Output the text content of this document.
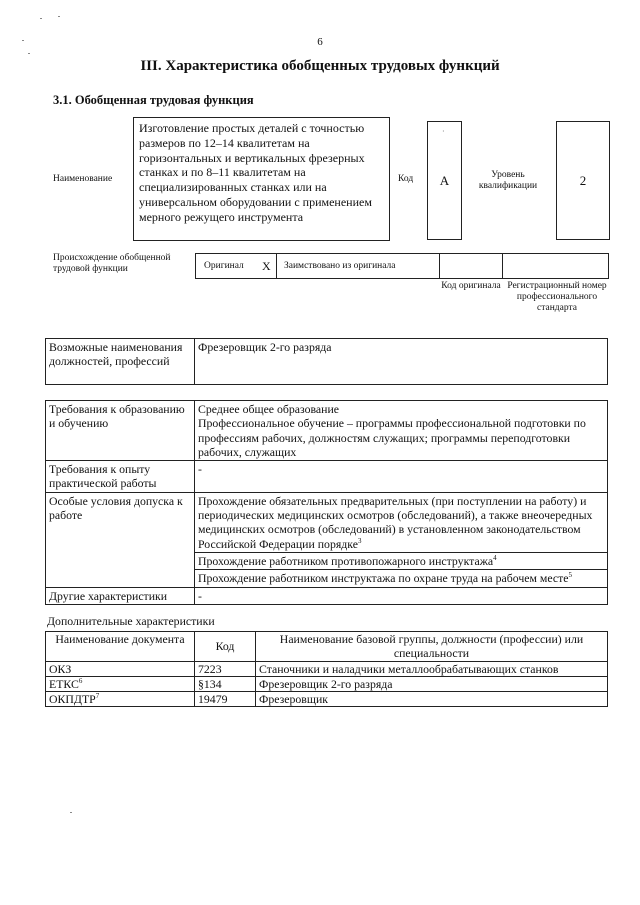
6
III. Характеристика обобщенных трудовых функций
3.1. Обобщенная трудовая функция
Наименование
Изготовление простых деталей с точностью размеров по 12–14 квалитетам на горизонтальных и вертикальных фрезерных станках и по 8–11 квалитетам на специализированных станках или на универсальном оборудовании с применением мерного режущего инструмента
Код А
·
Уровень квалификации	2
Происхождение обобщенной трудовой функции	Оригинал X Заимствовано из оригинала
Код оригинала Регистрационный номер профессионального стандарта
Возможные наименования должностей, профессий	Фрезеровщик 2-го разряда
Требования к образованию и обучению	Среднее общее образование
Профессиональное обучение – программы профессиональной подготовки по профессиям рабочих, должностям служащих; программы переподготовки рабочих, служащих

Требования к опыту практической работы	-
Особые условия допуска к работе	Прохождение обязательных предварительных (при поступлении на работу) и периодических медицинских осмотров (обследований), а также внеочередных медицинских осмотров (обследований) в установленном законодательством Российской Федерации порядке$^3$
	Прохождение работником противопожарного инструктажа$^4$
	Прохождение работником инструктажа по охране труда на рабочем месте$^5$
Другие характеристики	-
Дополнительные характеристики
Наименование документа	Код	Наименование базовой группы, должности (профессии) или специальности
ОКЗ	7223	Станочники и наладчики металлообрабатывающих станков
ЕТКС$^6$	§134	Фрезеровщик 2-го разряда
ОКПДТР$^7$	19479	Фрезеровщик
